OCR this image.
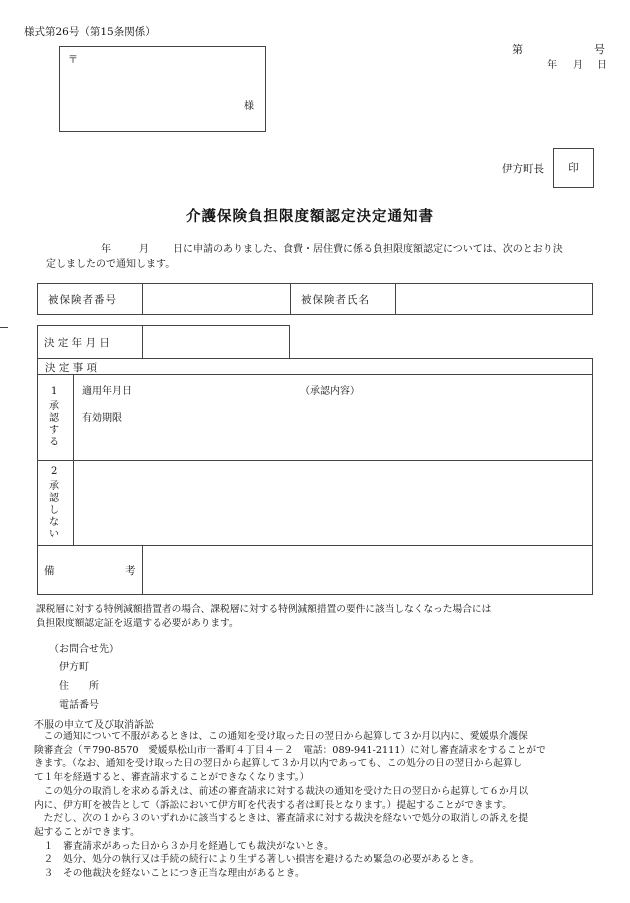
様式第26号（第15条関係）
第	号
年 月 日
〒
様
伊方町長	印
介護保険負担限度額認定決定通知書
年	月 日に申請のありました、食費・居住費に係る負担限度額認定については、次のとおり決
定しましたので通知します。
被保険者番号	被保険者氏名
決 定 年 月 日
決 定 事 項
1
承認する
適用年月日	（承認内容）
有効期限
2
承認しない
備	考
課税層に対する特例減額措置者の場合、課税層に対する特例減額措置の要件に該当しなくなった場合には
負担限度額認定証を返還する必要があります。
（お問合せ先）
伊方町
住　　所
電話番号
不服の申立て及び取消訴訟

　この通知について不服があるときは、この通知を受け取った日の翌日から起算して３か月以内に、愛媛県介護保

険審査会（〒790-8570　愛媛県松山市一番町４丁目４－２　電話：089-941-2111）に対し審査請求をすることがで

きます。（なお、通知を受け取った日の翌日から起算して３か月以内であっても、この処分の日の翌日から起算し

て１年を経過すると、審査請求することができなくなります。）

　この処分の取消しを求める訴えは、前述の審査請求に対する裁決の通知を受けた日の翌日から起算して６か月以

内に、伊方町を被告として（訴訟において伊方町を代表する者は町長となります。）提起することができます。

　ただし、次の１から３のいずれかに該当するときは、審査請求に対する裁決を経ないで処分の取消しの訴えを提

起することができます。

　１　審査請求があった日から３か月を経過しても裁決がないとき。

　２　処分、処分の執行又は手続の続行により生ずる著しい損害を避けるため緊急の必要があるとき。

　３　その他裁決を経ないことにつき正当な理由があるとき。
